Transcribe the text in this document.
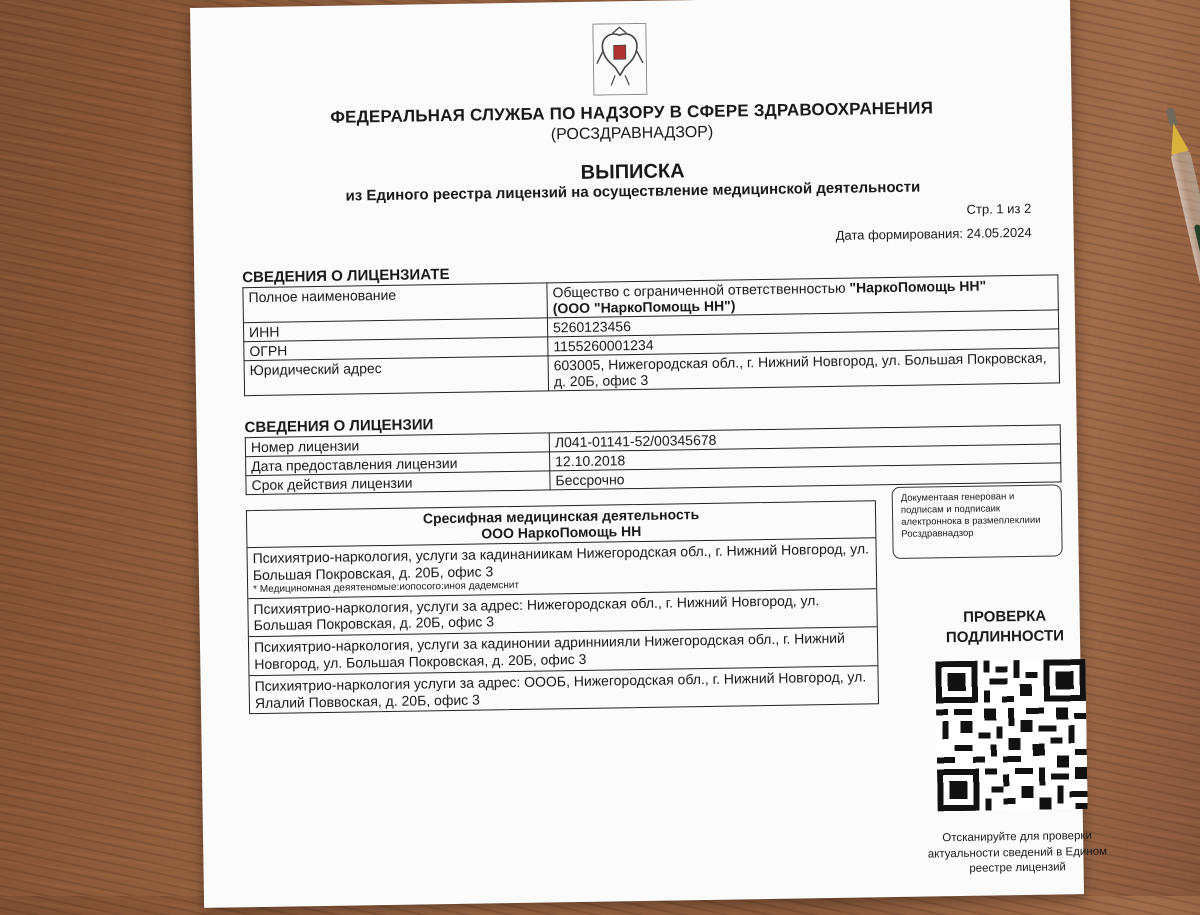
ФЕДЕРАЛЬНАЯ СЛУЖБА ПО НАДЗОРУ В СФЕРЕ ЗДРАВООХРАНЕНИЯ
(РОСЗДРАВНАДЗОР)
ВЫПИСКА
из Единого реестра лицензий на осуществление медицинской деятельности
Стр. 1 из 2
Дата формирования: 24.05.2024
СВЕДЕНИЯ О ЛИЦЕНЗИАТЕ
Полное наименование	Общество с ограниченной ответственностью "НаркоПомощь НН"
(ООО "НаркоПомощь НН")
ИНН	5260123456
ОГРН	1155260001234
Юридический адрес	603005, Нижегородская обл., г. Нижний Новгород, ул. Большая Покровская, д. 20Б, офис 3
СВЕДЕНИЯ О ЛИЦЕНЗИИ
Номер лицензии	Л041-01141-52/00345678
Дата предоставления лицензии	12.10.2018
Срок действия лицензии	Бессрочно
Сресифная медицинская деятельность
ООО НаркоПомощь НН
Психиятрио-наркология, услуги за кадинаниикам Нижегородская обл., г. Нижний Новгород, ул. Большая Покровская, д. 20Б, офис 3
* Медициномная деяятеномые:иопосого:иноя дадемснит
Психиятрио-наркология, услуги за адрес: Нижегородская обл., г. Нижний Новгород, ул. Большая Покровская, д. 20Б, офис 3
Психиятрио-наркология, услуги за кадинонии адринниияли Нижегородская обл., г. Нижний Новгород, ул. Большая Покровская, д. 20Б, офис 3
Психиятрио-наркология услуги за адрес: ОООБ, Нижегородская обл., г. Нижний Новгород, ул. Ялалий Поввоская, д. 20Б, офис 3
Документаая генерован и подписам и подписаик алектроннока в размеплеклиии Росздравнадзор
ПРОВЕРКА
ПОДЛИННОСТИ
Отсканируйте для проверки актуальности сведений в Едином реестре лицензий
